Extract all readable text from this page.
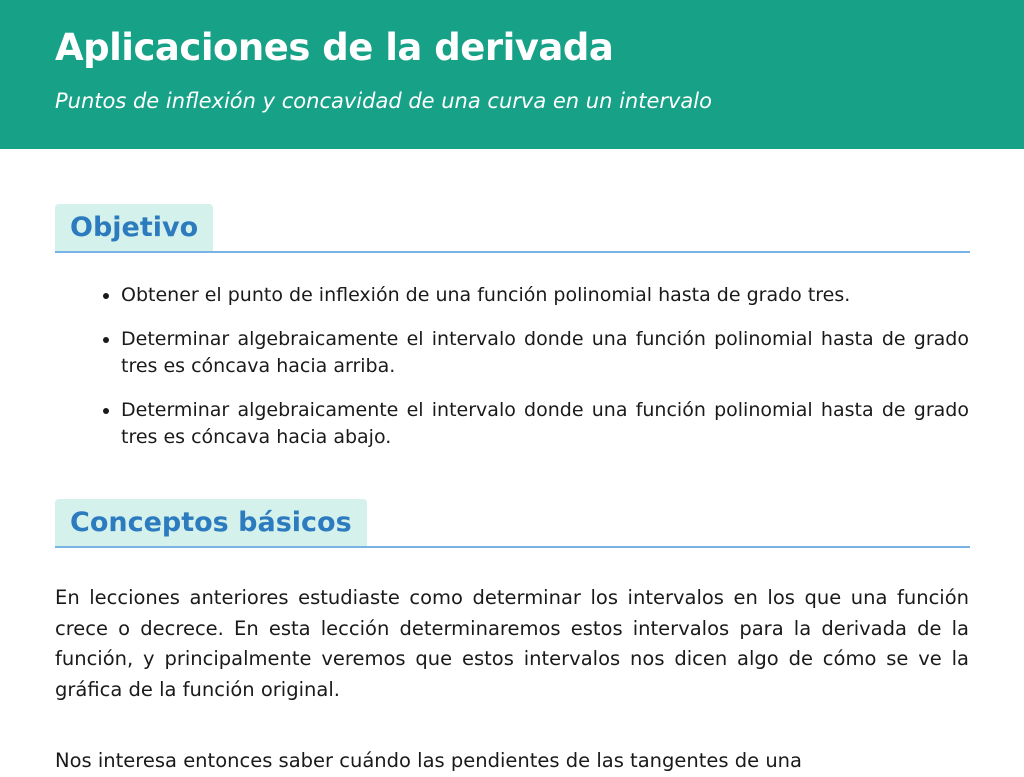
Aplicaciones de la derivada

Puntos de inflexión y concavidad de una curva en un intervalo

Objetivo
• Obtener el punto de inflexión de una función polinomial hasta de grado tres.
• Determinar algebraicamente el intervalo donde una función polinomial hasta de grado tres es cóncava hacia arriba.
• Determinar algebraicamente el intervalo donde una función polinomial hasta de grado tres es cóncava hacia abajo.
Conceptos básicos

En lecciones anteriores estudiaste como determinar los intervalos en los que una función crece o decrece. En esta lección determinaremos estos intervalos para la derivada de la función, y principalmente veremos que estos intervalos nos dicen algo de cómo se ve la gráfica de la función original.

Nos interesa entonces saber cuándo las pendientes de las tangentes de una
